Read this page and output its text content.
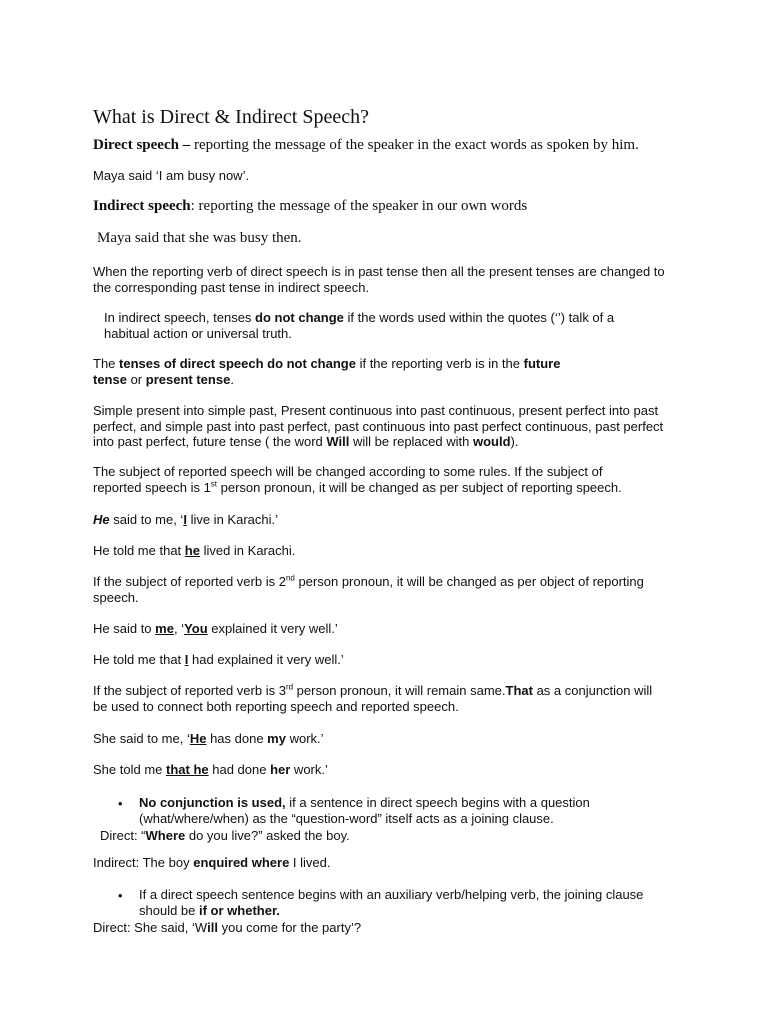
What is Direct & Indirect Speech?

Direct speech – reporting the message of the speaker in the exact words as spoken by him.

Maya said ‘I am busy now’.

Indirect speech: reporting the message of the speaker in our own words

Maya said that she was busy then.

When the reporting verb of direct speech is in past tense then all the present tenses are changed to the corresponding past tense in indirect speech.

In indirect speech, tenses do not change if the words used within the quotes (‘’) talk of a habitual action or universal truth.

The tenses of direct speech do not change if the reporting verb is in the future
tense or present tense.

Simple present into simple past, Present continuous into past continuous, present perfect into past perfect, and simple past into past perfect, past continuous into past perfect continuous, past perfect into past perfect, future tense ( the word Will will be replaced with would).

The subject of reported speech will be changed according to some rules. If the subject of reported speech is 1st person pronoun, it will be changed as per subject of reporting speech.

He said to me, ‘I live in Karachi.’

He told me that he lived in Karachi.

If the subject of reported verb is 2nd person pronoun, it will be changed as per object of reporting speech.

He said to me, ‘You explained it very well.’

He told me that I had explained it very well.’

If the subject of reported verb is 3rd person pronoun, it will remain same.That as a conjunction will be used to connect both reporting speech and reported speech.

She said to me, ‘He has done my work.’

She told me that he had done her work.’

•	No conjunction is used, if a sentence in direct speech begins with a question (what/where/when) as the “question-word” itself acts as a joining clause.

Direct: “Where do you live?” asked the boy.

Indirect: The boy enquired where I lived.

•	If a direct speech sentence begins with an auxiliary verb/helping verb, the joining clause should be if or whether.

Direct: She said, ‘Will you come for the party’?
